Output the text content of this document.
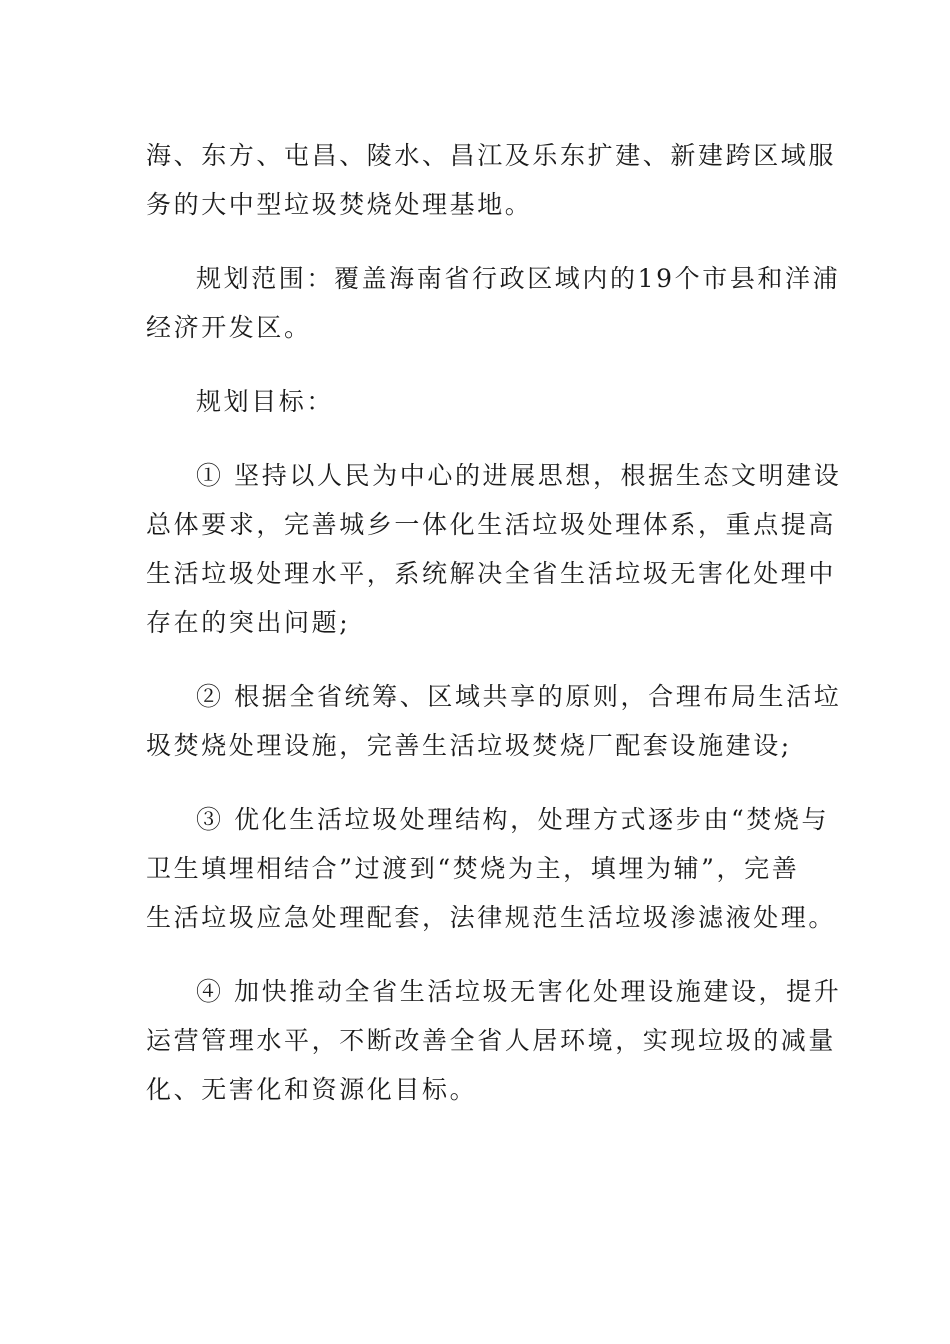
海、东方、屯昌、陵水、昌江及乐东扩建、新建跨区域服
务的大中型垃圾焚烧处理基地。

规划范围：覆盖海南省行政区域内的19个市县和洋浦
经济开发区。

规划目标：

① 坚持以人民为中心的进展思想，根据生态文明建设
总体要求，完善城乡一体化生活垃圾处理体系，重点提高
生活垃圾处理水平，系统解决全省生活垃圾无害化处理中
存在的突出问题;

② 根据全省统筹、区域共享的原则，合理布局生活垃
圾焚烧处理设施，完善生活垃圾焚烧厂配套设施建设;

③ 优化生活垃圾处理结构，处理方式逐步由“焚烧与
卫生填埋相结合”过渡到“焚烧为主，填埋为辅”，完善
生活垃圾应急处理配套，法律规范生活垃圾渗滤液处理。

④ 加快推动全省生活垃圾无害化处理设施建设，提升
运营管理水平，不断改善全省人居环境，实现垃圾的减量
化、无害化和资源化目标。
